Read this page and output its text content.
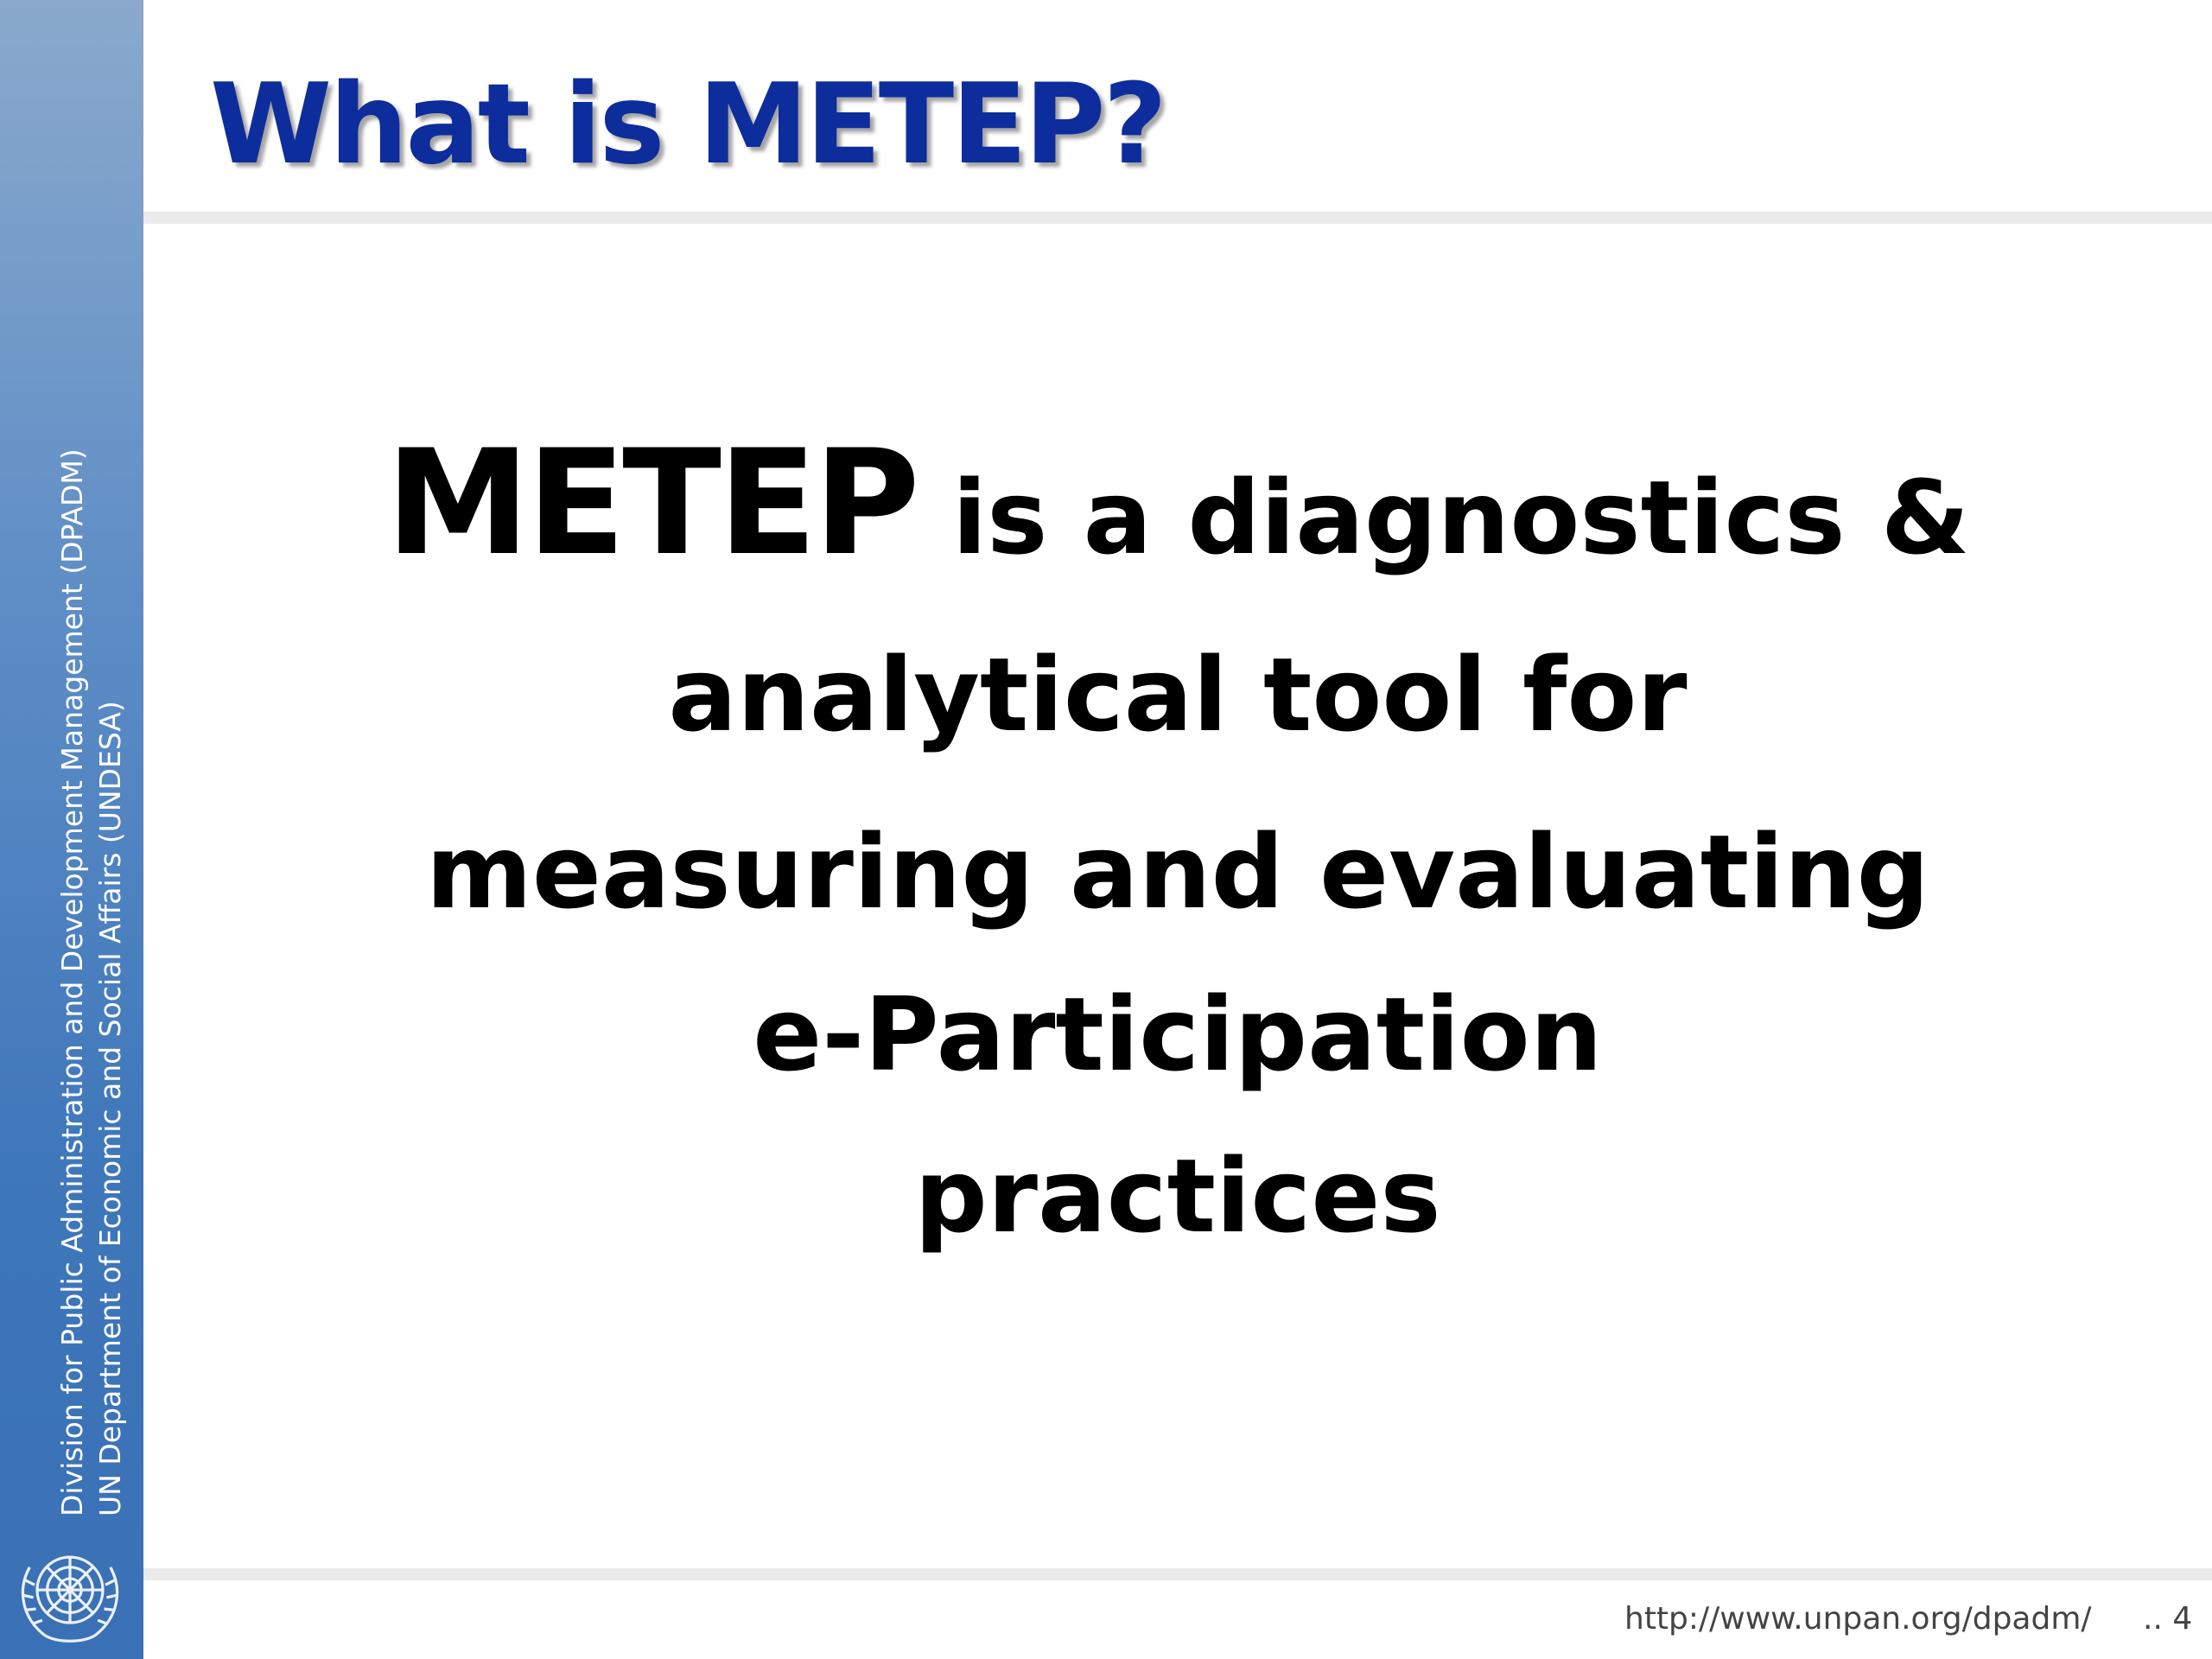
Division for Public Administration and Development Management (DPADM) UN Department of Economic and Social Affairs (UNDESA)
What is METEP?
METEP is a diagnostics &
analytical tool for
measuring and evaluating
e-Participation
practices
http://www.unpan.org/dpadm/ .. 4
